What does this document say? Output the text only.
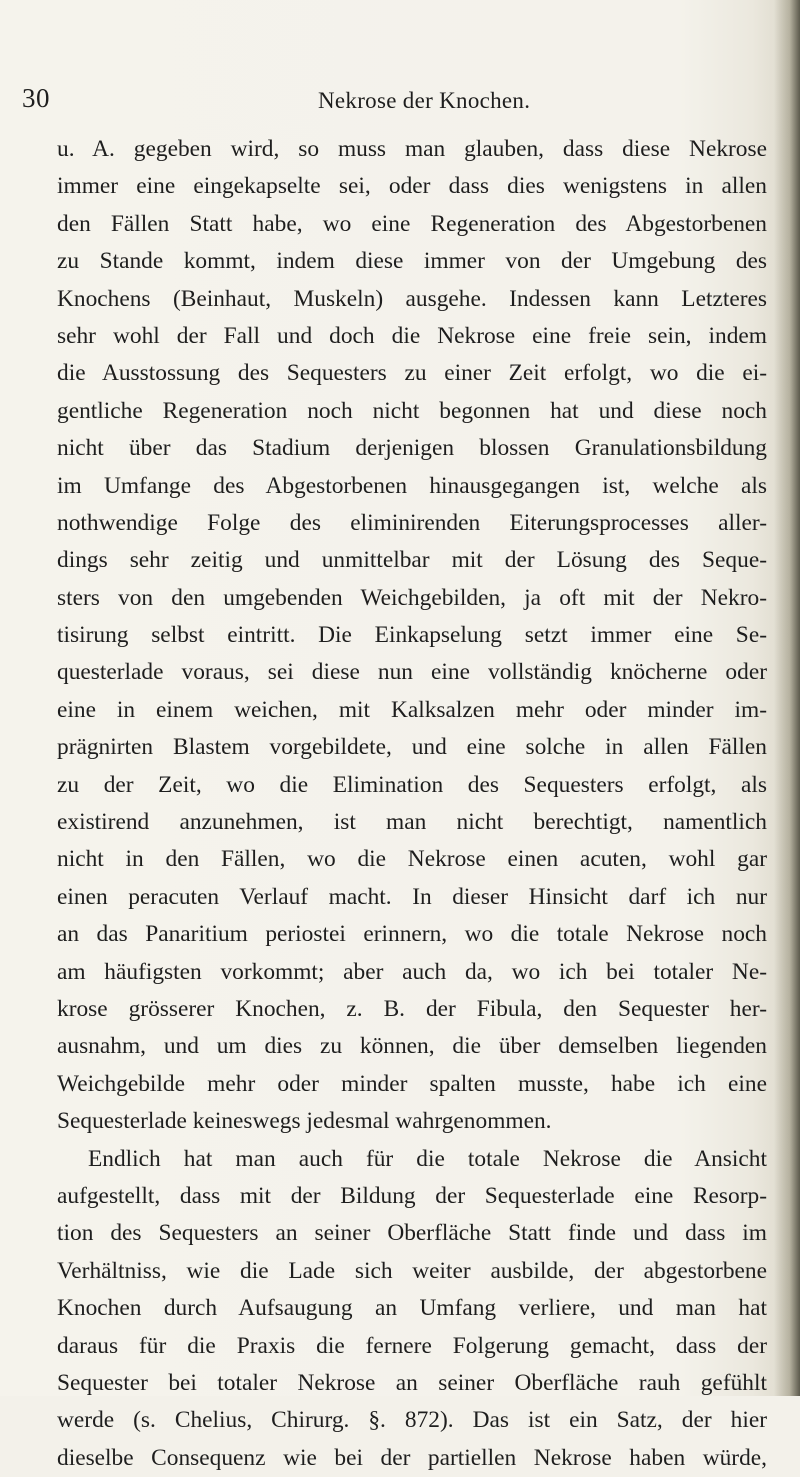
30	Nekrose der Knochen.
u. A. gegeben wird, so muss man glauben, dass diese Nekrose
immer eine eingekapselte sei, oder dass dies wenigstens in allen
den Fällen Statt habe, wo eine Regeneration des Abgestorbenen
zu Stande kommt, indem diese immer von der Umgebung des
Knochens (Beinhaut, Muskeln) ausgehe. Indessen kann Letzteres
sehr wohl der Fall und doch die Nekrose eine freie sein, indem
die Ausstossung des Sequesters zu einer Zeit erfolgt, wo die ei-
gentliche Regeneration noch nicht begonnen hat und diese noch
nicht über das Stadium derjenigen blossen Granulationsbildung
im Umfange des Abgestorbenen hinausgegangen ist, welche als
nothwendige Folge des eliminirenden Eiterungsprocesses aller-
dings sehr zeitig und unmittelbar mit der Lösung des Seque-
sters von den umgebenden Weichgebilden, ja oft mit der Nekro-
tisirung selbst eintritt. Die Einkapselung setzt immer eine Se-
questerlade voraus, sei diese nun eine vollständig knöcherne oder
eine in einem weichen, mit Kalksalzen mehr oder minder im-
prägnirten Blastem vorgebildete, und eine solche in allen Fällen
zu der Zeit, wo die Elimination des Sequesters erfolgt, als
existirend anzunehmen, ist man nicht berechtigt, namentlich
nicht in den Fällen, wo die Nekrose einen acuten, wohl gar
einen peracuten Verlauf macht. In dieser Hinsicht darf ich nur
an das Panaritium periostei erinnern, wo die totale Nekrose noch
am häufigsten vorkommt; aber auch da, wo ich bei totaler Ne-
krose grösserer Knochen, z. B. der Fibula, den Sequester her-
ausnahm, und um dies zu können, die über demselben liegenden
Weichgebilde mehr oder minder spalten musste, habe ich eine
Sequesterlade keineswegs jedesmal wahrgenommen.
Endlich hat man auch für die totale Nekrose die Ansicht
aufgestellt, dass mit der Bildung der Sequesterlade eine Resorp-
tion des Sequesters an seiner Oberfläche Statt finde und dass im
Verhältniss, wie die Lade sich weiter ausbilde, der abgestorbene
Knochen durch Aufsaugung an Umfang verliere, und man hat
daraus für die Praxis die fernere Folgerung gemacht, dass der
Sequester bei totaler Nekrose an seiner Oberfläche rauh gefühlt
werde (s. Chelius, Chirurg. §. 872). Das ist ein Satz, der hier
dieselbe Consequenz wie bei der partiellen Nekrose haben würde,
